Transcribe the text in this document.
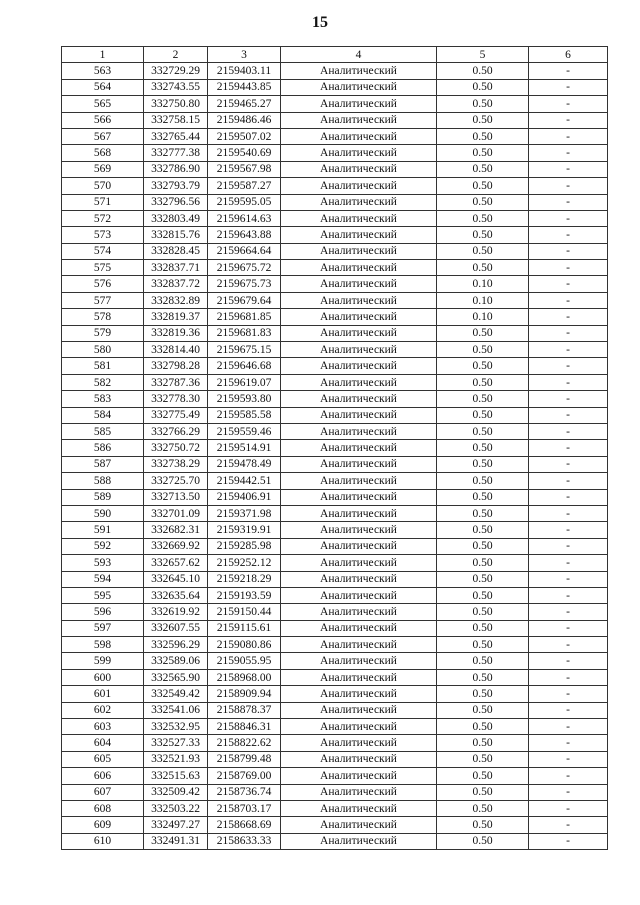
15
1	2	3	4	5	6
563	332729.29	2159403.11	Аналитический	0.50	-
564	332743.55	2159443.85	Аналитический	0.50	-
565	332750.80	2159465.27	Аналитический	0.50	-
566	332758.15	2159486.46	Аналитический	0.50	-
567	332765.44	2159507.02	Аналитический	0.50	-
568	332777.38	2159540.69	Аналитический	0.50	-
569	332786.90	2159567.98	Аналитический	0.50	-
570	332793.79	2159587.27	Аналитический	0.50	-
571	332796.56	2159595.05	Аналитический	0.50	-
572	332803.49	2159614.63	Аналитический	0.50	-
573	332815.76	2159643.88	Аналитический	0.50	-
574	332828.45	2159664.64	Аналитический	0.50	-
575	332837.71	2159675.72	Аналитический	0.50	-
576	332837.72	2159675.73	Аналитический	0.10	-
577	332832.89	2159679.64	Аналитический	0.10	-
578	332819.37	2159681.85	Аналитический	0.10	-
579	332819.36	2159681.83	Аналитический	0.50	-
580	332814.40	2159675.15	Аналитический	0.50	-
581	332798.28	2159646.68	Аналитический	0.50	-
582	332787.36	2159619.07	Аналитический	0.50	-
583	332778.30	2159593.80	Аналитический	0.50	-
584	332775.49	2159585.58	Аналитический	0.50	-
585	332766.29	2159559.46	Аналитический	0.50	-
586	332750.72	2159514.91	Аналитический	0.50	-
587	332738.29	2159478.49	Аналитический	0.50	-
588	332725.70	2159442.51	Аналитический	0.50	-
589	332713.50	2159406.91	Аналитический	0.50	-
590	332701.09	2159371.98	Аналитический	0.50	-
591	332682.31	2159319.91	Аналитический	0.50	-
592	332669.92	2159285.98	Аналитический	0.50	-
593	332657.62	2159252.12	Аналитический	0.50	-
594	332645.10	2159218.29	Аналитический	0.50	-
595	332635.64	2159193.59	Аналитический	0.50	-
596	332619.92	2159150.44	Аналитический	0.50	-
597	332607.55	2159115.61	Аналитический	0.50	-
598	332596.29	2159080.86	Аналитический	0.50	-
599	332589.06	2159055.95	Аналитический	0.50	-
600	332565.90	2158968.00	Аналитический	0.50	-
601	332549.42	2158909.94	Аналитический	0.50	-
602	332541.06	2158878.37	Аналитический	0.50	-
603	332532.95	2158846.31	Аналитический	0.50	-
604	332527.33	2158822.62	Аналитический	0.50	-
605	332521.93	2158799.48	Аналитический	0.50	-
606	332515.63	2158769.00	Аналитический	0.50	-
607	332509.42	2158736.74	Аналитический	0.50	-
608	332503.22	2158703.17	Аналитический	0.50	-
609	332497.27	2158668.69	Аналитический	0.50	-
610	332491.31	2158633.33	Аналитический	0.50	-
